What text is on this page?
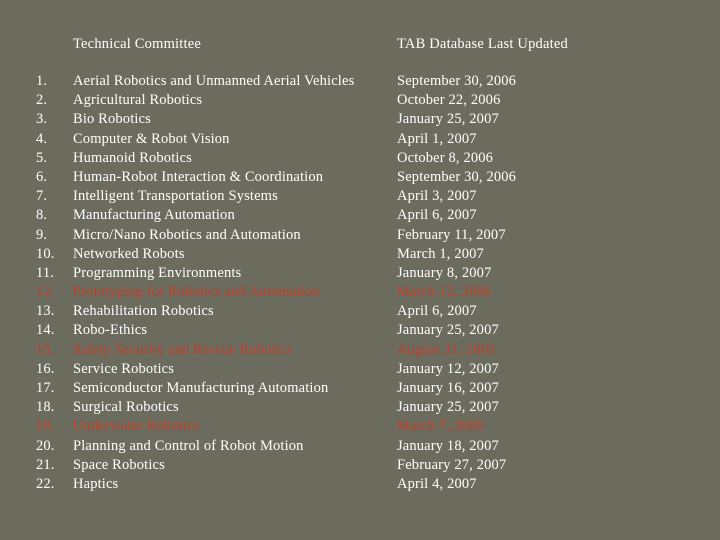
Technical Committee	TAB Database Last Updated
1. Aerial Robotics and Unmanned Aerial Vehicles	September 30, 2006
2. Agricultural Robotics	October 22, 2006
3. Bio Robotics	January 25, 2007
4. Computer & Robot Vision	April 1, 2007
5. Humanoid Robotics	October 8, 2006
6. Human-Robot Interaction & Coordination	September 30, 2006
7. Intelligent Transportation Systems	April 3, 2007
8. Manufacturing Automation	April 6, 2007
9. Micro/Nano Robotics and Automation	February 11, 2007
10. Networked Robots	March 1, 2007
11. Programming Environments	January 8, 2007
12. Prototyping for Robotics and Automation	March 12, 2006
13. Rehabilitation Robotics	April 6, 2007
14. Robo-Ethics	January 25, 2007
15. Safety Security and Rescue Robotics	August 31, 2005
16. Service Robotics	January 12, 2007
17. Semiconductor Manufacturing Automation	January 16, 2007
18. Surgical Robotics	January 25, 2007
19. Underwater Robotics	March 7, 2006
20. Planning and Control of Robot Motion	January 18, 2007
21. Space Robotics	February 27, 2007
22. Haptics	April 4, 2007
